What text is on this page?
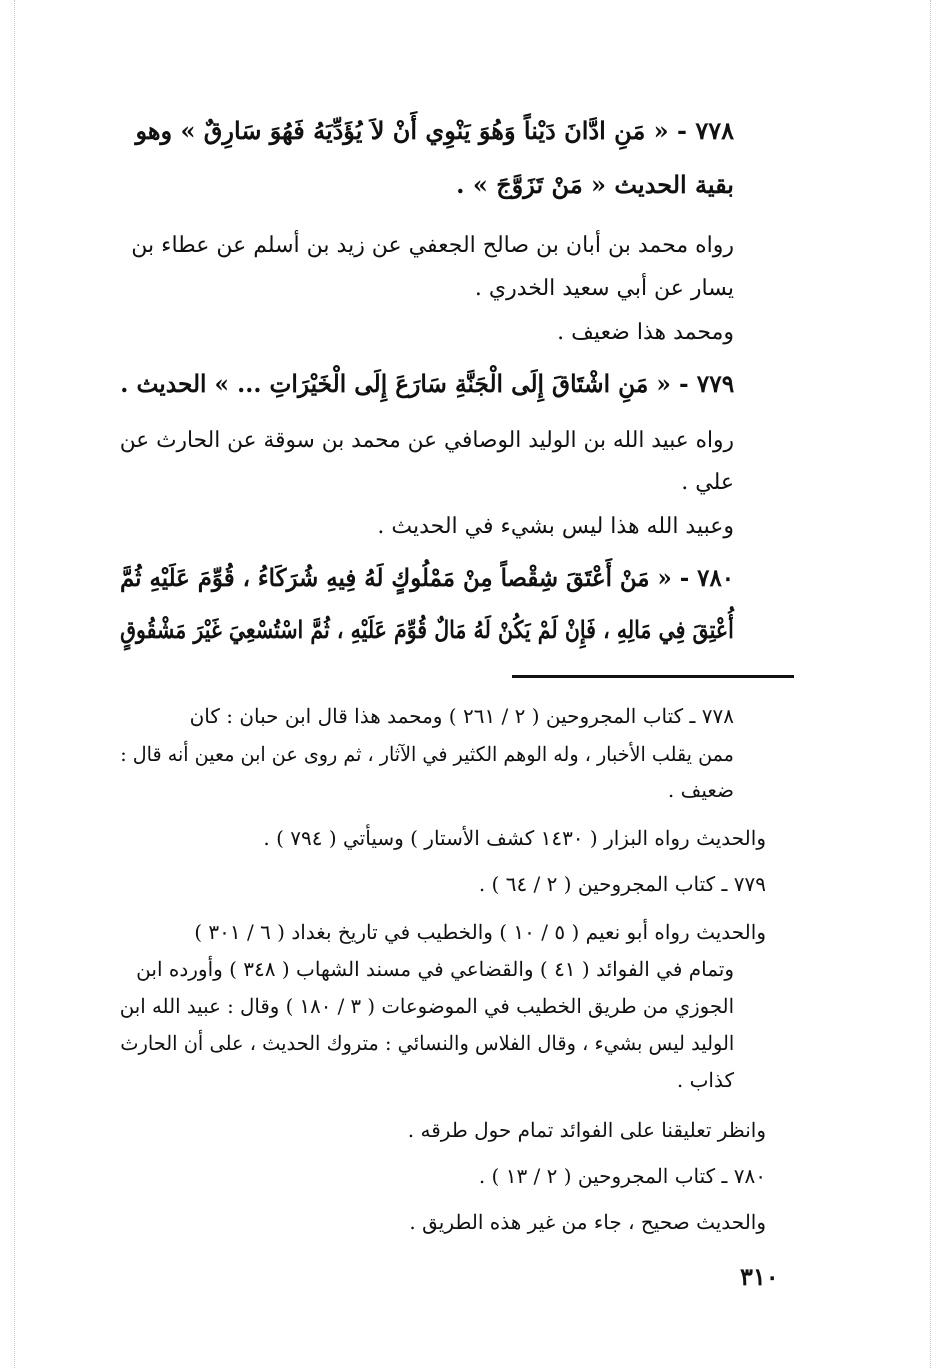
٧٧٨ - « مَنِ ادَّانَ دَيْناً وَهُوَ يَنْوِي أَنْ لاَ يُؤَدِّيَهُ فَهُوَ سَارِقٌ » وهو
بقية الحديث « مَنْ تَزَوَّجَ » .
رواه محمد بن أبان بن صالح الجعفي عن زيد بن أسلم عن عطاء بن
يسار عن أبي سعيد الخدري .
ومحمد هذا ضعيف .
٧٧٩ - « مَنِ اشْتَاقَ إِلَى الْجَنَّةِ سَارَعَ إِلَى الْخَيْرَاتِ ... » الحديث .
رواه عبيد الله بن الوليد الوصافي عن محمد بن سوقة عن الحارث عن
علي .
وعبيد الله هذا ليس بشيء في الحديث .
٧٨٠ - « مَنْ أَعْتَقَ شِقْصاً مِنْ مَمْلُوكٍ لَهُ فِيهِ شُرَكَاءُ ، قُوِّمَ عَلَيْهِ ثُمَّ
أُعْتِقَ فِي مَالِهِ ، فَإِنْ لَمْ يَكُنْ لَهُ مَالٌ قُوِّمَ عَلَيْهِ ، ثُمَّ اسْتُسْعِيَ غَيْرَ مَشْقُوقٍ
٧٧٨ ـ كتاب المجروحين ( ٢ / ٢٦١ ) ومحمد هذا قال ابن حبان : كان
ممن يقلب الأخبار ، وله الوهم الكثير في الآثار ، ثم روى عن ابن معين أنه قال :
ضعيف .
والحديث رواه البزار ( ١٤٣٠ كشف الأستار ) وسيأتي ( ٧٩٤ ) .
٧٧٩ ـ كتاب المجروحين ( ٢ / ٦٤ ) .
والحديث رواه أبو نعيم ( ٥ / ١٠ ) والخطيب في تاريخ بغداد ( ٦ / ٣٠١ )
وتمام في الفوائد ( ٤١ ) والقضاعي في مسند الشهاب ( ٣٤٨ ) وأورده ابن
الجوزي من طريق الخطيب في الموضوعات ( ٣ / ١٨٠ ) وقال : عبيد الله ابن
الوليد ليس بشيء ، وقال الفلاس والنسائي : متروك الحديث ، على أن الحارث
كذاب .
وانظر تعليقنا على الفوائد تمام حول طرقه .
٧٨٠ ـ كتاب المجروحين ( ٢ / ١٣ ) .
والحديث صحيح ، جاء من غير هذه الطريق .
٣١٠
